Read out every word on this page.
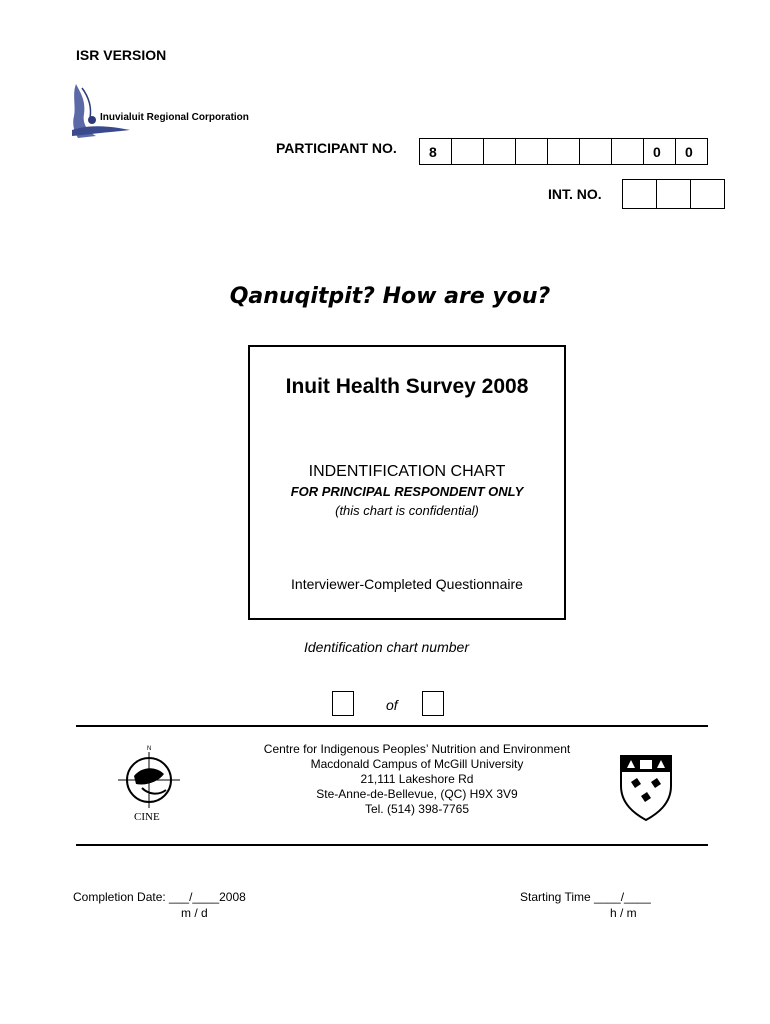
ISR VERSION
Inuvialuit Regional Corporation
PARTICIPANT NO.	8	0	0
INT. NO.
Qanuqitpit? How are you?
Inuit Health Survey 2008
INDENTIFICATION CHART
FOR PRINCIPAL RESPONDENT ONLY
(this chart is confidential)
Interviewer-Completed Questionnaire
Identification chart number
of
N
CINE
Centre for Indigenous Peoples’ Nutrition and Environment
Macdonald Campus of McGill University
21,111 Lakeshore Rd
Ste-Anne-de-Bellevue, (QC) H9X 3V9
Tel. (514) 398-7765
Completion Date: ___/____2008
m / d
Starting Time ____/____
h / m
